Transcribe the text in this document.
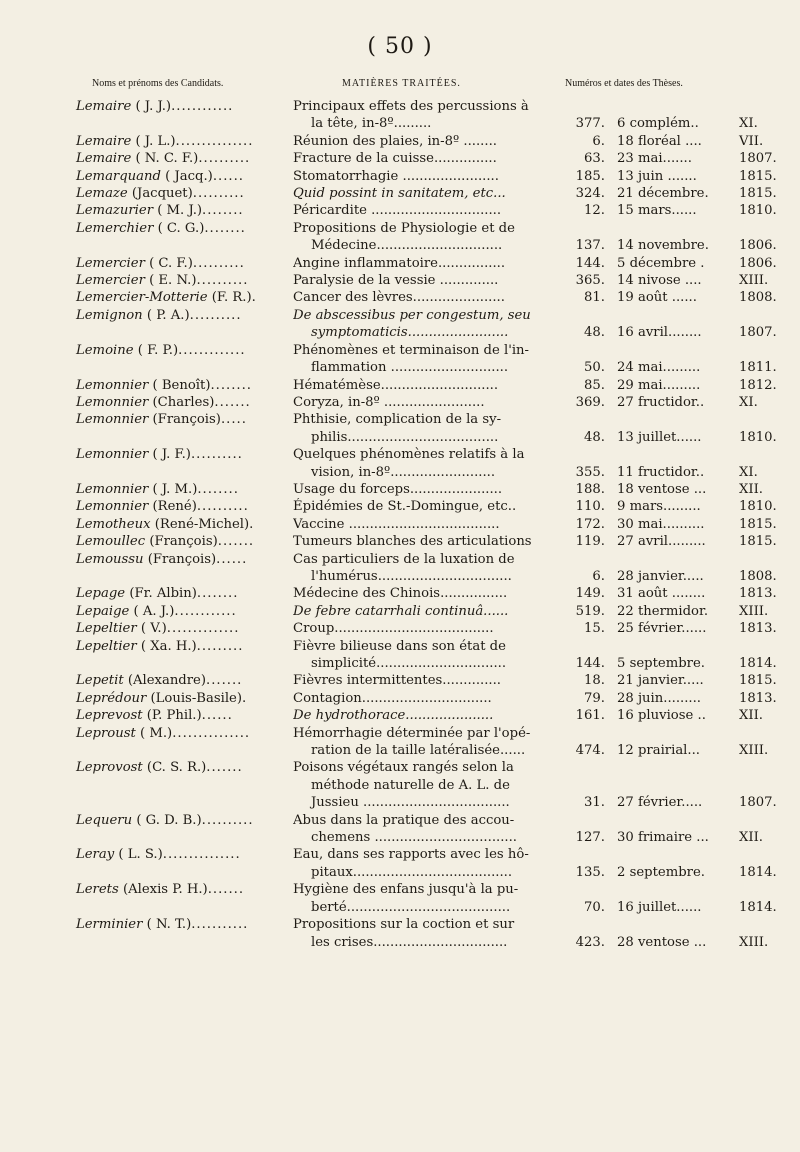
( 50 )
Noms et prénoms des Candidats.	MATIÈRES TRAITÉES.	Numéros et dates des Thèses.
Lemaire ( J. J.)............	Principaux effets des percussions à
la tête, in-8º.........	377. 6 complém..	XI.
Lemaire ( J. L.)...............	Réunion des plaies, in-8º ........	6. 18 floréal ....	VII.
Lemaire ( N. C. F.)..........	Fracture de la cuisse...............	63. 23 mai.......	1807.
Lemarquand ( Jacq.)......	Stomatorrhagie .......................	185. 13 juin .......	1815.
Lemaze (Jacquet)..........	Quid possint in sanitatem, etc...	324. 21 décembre.	1815.
Lemazurier ( M. J.)........	Péricardite ...............................	12. 15 mars......	1810.
Lemerchier ( C. G.)........	Propositions de Physiologie et de
Médecine..............................	137. 14 novembre.	1806.
Lemercier ( C. F.)..........	Angine inflammatoire................	144. 5 décembre .	1806.
Lemercier ( E. N.)..........	Paralysie de la vessie ..............	365. 14 nivose ....	XIII.
Lemercier-Motterie (F. R.).	Cancer des lèvres......................	81. 19 août ......	1808.
Lemignon ( P. A.)..........	De abscessibus per congestum, seu
symptomaticis........................	48. 16 avril........	1807.
Lemoine ( F. P.).............	Phénomènes et terminaison de l'in-
flammation ............................	50. 24 mai.........	1811.
Lemonnier ( Benoît)........	Hématémèse............................	85. 29 mai.........	1812.
Lemonnier (Charles).......	Coryza, in-8º ........................	369. 27 fructidor..	XI.
Lemonnier (François).....	Phthisie, complication de la sy-
philis....................................	48. 13 juillet......	1810.
Lemonnier ( J. F.)..........	Quelques phénomènes relatifs à la
vision, in-8º.........................	355. 11 fructidor..	XI.
Lemonnier ( J. M.)........	Usage du forceps......................	188. 18 ventose ...	XII.
Lemonnier (René)..........	Épidémies de St.-Domingue, etc..	110. 9 mars.........	1810.
Lemotheux (René-Michel).	Vaccine ....................................	172. 30 mai..........	1815.
Lemoullec (François).......	Tumeurs blanches des articulations	119. 27 avril.........	1815.
Lemoussu (François)......	Cas particuliers de la luxation de
l'humérus................................	6. 28 janvier.....	1808.
Lepage (Fr. Albin)........	Médecine des Chinois................	149. 31 août ........	1813.
Lepaige ( A. J.)............	De febre catarrhali continuâ......	519. 22 thermidor.	XIII.
Lepeltier ( V.)..............	Croup......................................	15. 25 février......	1813.
Lepeltier ( Xa. H.).........	Fièvre bilieuse dans son état de
simplicité...............................	144. 5 septembre.	1814.
Lepetit (Alexandre).......	Fièvres intermittentes..............	18. 21 janvier.....	1815.
Leprédour (Louis-Basile).	Contagion...............................	79. 28 juin.........	1813.
Leprevost (P. Phil.)......	De hydrothorace.....................	161. 16 pluviose ..	XII.
Leproust ( M.)...............	Hémorrhagie déterminée par l'opé-
ration de la taille latéralisée......	474. 12 prairial...	XIII.
Leprovost (C. S. R.).......	Poisons végétaux rangés selon la
méthode naturelle de A. L. de
Jussieu ...................................	31. 27 février.....	1807.
Lequeru ( G. D. B.)..........	Abus dans la pratique des accou-
chemens ..................................	127. 30 frimaire ...	XII.
Leray ( L. S.)...............	Eau, dans ses rapports avec les hô-
pitaux......................................	135. 2 septembre.	1814.
Lerets (Alexis P. H.).......	Hygiène des enfans jusqu'à la pu-
berté.......................................	70. 16 juillet......	1814.
Lerminier ( N. T.)...........	Propositions sur la coction et sur
les crises................................	423. 28 ventose ...	XIII.
